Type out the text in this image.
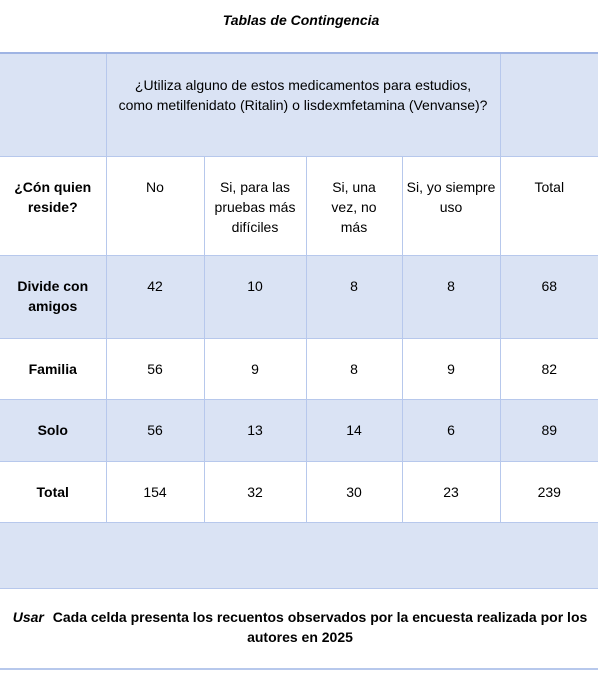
Tablas de Contingencia
	¿Utiliza alguno de estos medicamentos para estudios, como metilfenidato (Ritalin) o lisdexmfetamina (Venvanse)?				
¿Cón quien reside?	No	Si, para las pruebas más difíciles	Si, una vez, no más	Si, yo siempre uso	Total
Divide con amigos	42	10	8	8	68
Familia	56	9	8	9	82
Solo	56	13	14	6	89
Total	154	32	30	23	239

Usar Cada celda presenta los recuentos observados por la encuesta realizada por los autores en 2025
